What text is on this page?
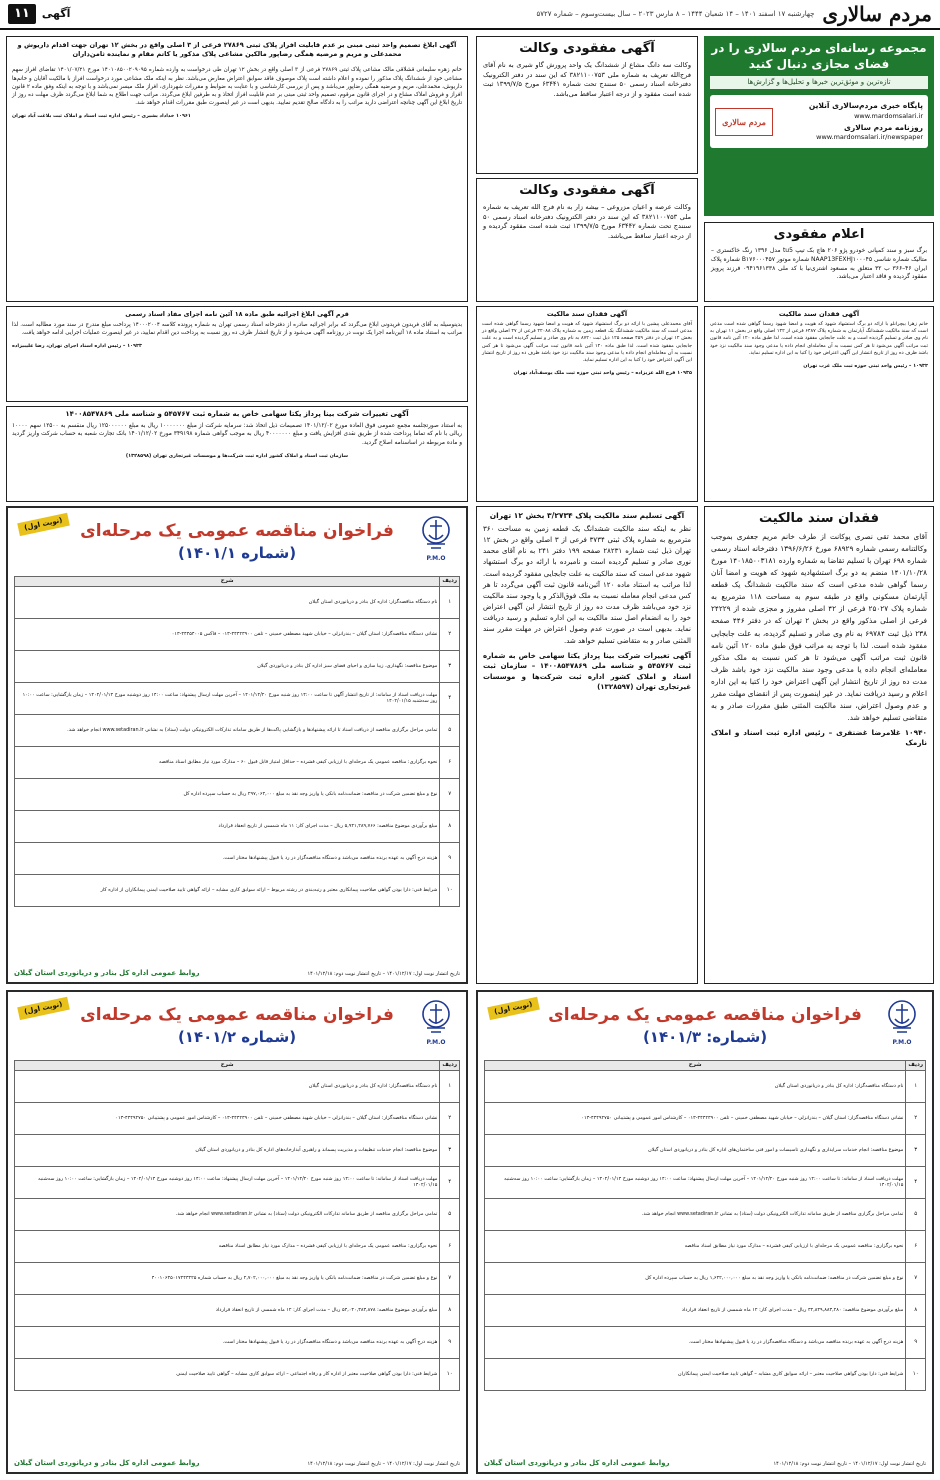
مردم سالاری
چهارشنبه ۱۷ اسفند ۱۴۰۱ – ۱۴ شعبان ۱۴۴۴ – ۸ مارس ۲۰۲۳ – سال بیست‌وسوم – شماره ۵۷۲۷
آگهی
۱۱
مجموعه رسانه‌ای مردم سالاری را در فضای مجازی دنبال کنید
تازه‌ترین و موثق‌ترین خبرها و تحلیل‌ها و گزارش‌ها
پایگاه خبری مردم‌سالاری آنلاین
www.mardomsalari.ir
روزنامه مردم سالاری
www.mardomsalari.ir/newspaper
مردم سالاری
آگهی مفقودی وکالت
وکالت سه دانگ مشاع از ششدانگ یک واحد پرورش گاو شیری به نام آقای فرج‌الله تعریف به شماره ملی ۳۸۲۱۱۰۰۷۵۳ که این سند در دفتر الکترونیک دفترخانه اسناد رسمی ۵۰ سنندج تحت شماره ۶۳۴۴۱ مورخ ۱۳۹۹/۷/۵ ثبت شده است مفقود و از درجه اعتبار ساقط می‌باشد.
آگهی مفقودی وکالت
وکالت عرصه و اعیان مزروعی – بیشه زار به نام فرج الله تعریف به شماره ملی ۳۸۲۱۱۰۰۷۵۳ که این سند در دفتر الکترونیک دفترخانه اسناد رسمی ۵۰ سنندج تحت شماره ۶۳۴۴۲ مورخ ۱۳۹۹/۷/۵ ثبت شده است مفقود گردیده و از درجه اعتبار ساقط می‌باشد.	اعلام مفقودی
برگ سبز و سند کمپانی خودرو پژو ۲۰۶ هاچ بک تیپ tu5 مدل ۱۳۹۶ رنگ خاکستری – متالیک شماره شاسی NAAP13FEXHJ۱۰۰۰۴۵ شماره موتور B۱۷۶۰۰۰۴۵۷ شماره پلاک ایران ۴۶–۳۶۶ ب ۳۲ متعلق به مسعود اشتری‌نیا با کد ملی ۰۹۴۱۹۶۱۳۳۸ فرزند پرویز مفقود گردیده و فاقد اعتبار می‌باشد.
آگهی ابلاغ تصمیم واحد ثبتی مبنی بر عدم قابلیت افراز پلاک ثبتی ۲۷۸۶۹ فرعی از ۳ اصلی واقع در بخش ۱۲ تهران جهت اقدام داریوش و محمدعلی و مریم و مرضیه همگی رضاپور مالکین مشاعی پلاک مذکور یا کاتم مقام و نماینده ثامن‌داران
خانم زهره سلیمانی قشلاقی مالک مشاعی پلاک ثبتی ۲۷۸۶۹ فرعی از ۳ اصلی واقع در بخش ۱۲ تهران طی درخواست به وارده شماره ۱۴۰۱۰۸۵۰۰۲۰۹۰۹۵ مورخ ۱۴۰۱/۰۷/۲۱ تقاضای افراز سهم مشاعی خود از ششدانگ پلاک مذکور را نموده و اعلام داشته است پلاک موصوف فاقد سوابق اعتراض معارض می‌باشد. نظر به اینکه ملک مشاعی مورد درخواست افراز با مالکیت آقایان و خانم‌ها داریوش، محمدعلی، مریم و مرضیه همگی رضاپور می‌باشد و پس از بررسی کارشناسی و با عنایت به ضوابط و مقررات شهرداری، افراز ملک میسر نمی‌باشد و با توجه به اینکه وفق ماده ۲ قانون افراز و فروش املاک مشاع و در اجرای قانون مرقوم، تصمیم واحد ثبتی مبنی بر عدم قابلیت افراز اتخاذ و به طرفین ابلاغ می‌گردد. مراتب جهت اطلاع به شما ابلاغ می‌گردد ظرف مهلت ده روز از تاریخ ابلاغ این آگهی چنانچه اعتراضی دارید مراتب را به دادگاه صالح تقدیم نمایید. بدیهی است در غیر اینصورت طبق مقررات اقدام خواهد شد.
۱۰۹۶۱ خداداد بشیری – رئیس اداره ثبت اسناد و املاک ثبت بلاغت آباد تهران
قرم آگهی ابلاغ اجرائیه طبق ماده ۱۸ آئین نامه اجرای مفاد اسناد رسمی
بدینوسیله به آقای فریدون فریدونی ابلاغ می‌گردد که برابر اجرائیه صادره از دفترخانه اسناد رسمی تهران به شماره پرونده کلاسه ۱۴۰۰۰۲۰۰۴ پرداخت مبلغ مندرج در سند مورد مطالبه است. لذا مراتب به استناد ماده ۱۸ آئین‌نامه اجرا یک نوبت در روزنامه آگهی می‌شود و از تاریخ انتشار ظرف ده روز نسبت به پرداخت دین اقدام نمایید، در غیر اینصورت عملیات اجرایی ادامه خواهد یافت.
۱۰۹۴۳ – رئیس اداره اسناد اجرای تهران، رضا علیبیزاده
آگهی تغییرات شرکت بینا پرداز یکتا سهامی خاص به شماره ثبت ۵۴۵۷۶۷ و شناسه ملی ۱۴۰۰۸۵۴۷۸۶۹
به استناد صورتجلسه مجمع عمومی فوق العاده مورخ ۱۴۰۱/۱۲/۰۲ تصمیمات ذیل اتخاذ شد: سرمایه شرکت از مبلغ ۱۰۰۰۰۰۰۰ ریال به مبلغ ۱۲۵۰۰۰۰۰۰ ریال منقسم به ۱۲۵۰۰ سهم ۱۰۰۰۰ ریالی با نام که تماما پرداخت شده از طریق نقدی افزایش یافت و مبلغ ۴۰۰۰۰۰۰۰ ریال به موجب گواهی شماره ۳۴۹۱۹۸ مورخ ۱۴۰۱/۱۲/۰۲ بانک تجارت شعبه به حساب شرکت واریز گردید و ماده مربوطه در اساسنامه اصلاح گردید.
سازمان ثبت اسناد و املاک کشور اداره ثبت شرکت‌ها و موسسات غیرتجاری تهران (۱۳۲۸۵۹۸)
آگهی فقدان سند مالکیت
آقای محمدعلی پیشین با ارائه دو برگ استشهاد شهود که هویت و امضا شهود رسما گواهی شده است مدعی است که سند مالکیت ششدانگ یک قطعه زمین به شماره پلاک ۲۲۰۸۸ فرعی از ۲۷ اصلی واقع در بخش ۱۲ تهران در دفتر ۴۵۹ صفحه ۱۲۵ ذیل ثبت ۸۷۲۰ به نام وی صادر و تسلیم گردیده است و به علت جابجایی مفقود شده است. لذا طبق ماده ۱۲۰ آئین نامه قانون ثبت مراتب آگهی می‌شود تا هر کس نسبت به آن معامله‌ای انجام داده یا مدعی وجود سند مالکیت نزد خود باشد ظرف ده روز از تاریخ انتشار این آگهی اعتراض خود را کتبا به این اداره تسلیم نماید.
۱۰۹۳۵ فرج الله عزیزاده – رئیس واحد ثبتی حوزه ثبت ملک یوسف‌آباد تهران
آگهی فقدان سند مالکیت
خانم زهرا بیچرانلو با ارائه دو برگ استشهاد شهود که هویت و امضا شهود رسما گواهی شده است مدعی است که سند مالکیت ششدانگ آپارتمان به شماره پلاک ۶۴۸۷ فرعی از ۱۲۲ اصلی واقع در بخش ۱۱ تهران به نام وی صادر و تسلیم گردیده است و به علت جابجایی مفقود شده است. لذا طبق ماده ۱۲۰ آئین نامه قانون ثبت مراتب آگهی می‌شود تا هر کس نسبت به آن معامله‌ای انجام داده یا مدعی وجود سند مالکیت نزد خود باشد ظرف ده روز از تاریخ انتشار این آگهی اعتراض خود را کتبا به این اداره تسلیم نماید.
۱۰۹۳۴ – رئیس واحد ثبتی حوزه ثبت ملک غرب تهران
(نوبت اول)	فراخوان مناقصه عمومی یک مرحله‌ای
(شماره ۱۴۰۱/۱)	P.M.O
ردیف	شرح
۱	نام دستگاه مناقصه‌گزار: اداره کل بنادر و دریانوردی استان گیلان
۲	نشانی دستگاه مناقصه‌گزار: استان گیلان – بندرانزلی – خیابان شهید مصطفی خمینی – تلفن ۴۴۴۲۳۹۰۰-۰۱۳ – فاکس ۴۴۴۵۴۰۰۵-۰۱۳
۳	موضوع مناقصه: نگهداری، زیبا سازی و احیای فضای سبز اداره کل بنادر و دریانوردی گیلان
۴	مهلت دریافت اسناد از سامانه: از تاریخ انتشار آگهی تا ساعت ۱۴:۰۰ روز شنبه مورخ ۱۴۰۱/۱۲/۲۰ – آخرین مهلت ارسال پیشنهاد: ساعت ۱۴:۰۰ روز دوشنبه مورخ ۱۴۰۲/۰۱/۱۴ – زمان بازگشایی: ساعت ۱۰:۰۰ روز سه‌شنبه ۱۴۰۲/۰۱/۱۵
۵	تمامی مراحل برگزاری مناقصه از دریافت اسناد تا ارائه پیشنهادها و بازگشایی پاکت‌ها از طریق سامانه تدارکات الکترونیکی دولت (ستاد) به نشانی www.setadiran.ir انجام خواهد شد.
۶	نحوه برگزاری: مناقصه عمومی یک مرحله‌ای با ارزیابی کیفی فشرده – حداقل امتیاز قابل قبول ۶۰ – مدارک مورد نیاز مطابق اسناد مناقصه
۷	نوع و مبلغ تضمین شرکت در مناقصه: ضمانت‌نامه بانکی یا واریز وجه نقد به مبلغ ۲۹۷,۰۶۴,۰۰۰ ریال به حساب سپرده اداره کل
۸	مبلغ برآوردی موضوع مناقصه: ۵,۹۴۱,۲۸۹,۷۶۶ ریال – مدت اجرای کار: ۱۱ ماه شمسی از تاریخ انعقاد قرارداد
۹	هزینه درج آگهی به عهده برنده مناقصه می‌باشد و دستگاه مناقصه‌گزار در رد یا قبول پیشنهادها مختار است.
۱۰	شرایط فنی: دارا بودن گواهی صلاحیت پیمانکاری معتبر و رتبه‌بندی در رشته مربوط – ارائه سوابق کاری مشابه – ارائه گواهی تایید صلاحیت ایمنی پیمانکاران از اداره کار
تاریخ انتشار نوبت اول: ۱۴۰۱/۱۲/۱۷ – تاریخ انتشار نوبت دوم: ۱۴۰۱/۱۲/۱۸
روابط عمومی اداره کل بنادر و دریانوردی استان گیلان
آگهی تسلیم سند مالکیت پلاک ۳/۲۷۳۴ بخش ۱۲ تهران
نظر به اینکه سند مالکیت ششدانگ یک قطعه زمین به مساحت ۳۶۰ مترمربع به شماره پلاک ثبتی ۳۷۳۴ فرعی از ۳ اصلی واقع در بخش ۱۲ تهران ذیل ثبت شماره ۲۸۲۳۱ صفحه ۱۹۹ دفتر ۲۴۱ به نام آقای محمد نوری صادر و تسلیم گردیده است و نامبرده با ارائه دو برگ استشهاد شهود مدعی است که سند مالکیت به علت جابجایی مفقود گردیده است. لذا مراتب به استناد ماده ۱۲۰ آئین‌نامه قانون ثبت آگهی می‌گردد تا هر کس مدعی انجام معامله نسبت به ملک فوق‌الذکر و یا وجود سند مالکیت نزد خود می‌باشد ظرف مدت ده روز از تاریخ انتشار این آگهی اعتراض خود را به انضمام اصل سند مالکیت به این اداره تسلیم و رسید دریافت نماید. بدیهی است در صورت عدم وصول اعتراض در مهلت مقرر سند المثنی صادر و به متقاضی تسلیم خواهد شد.
آگهی تغییرات شرکت بینا پرداز یکتا سهامی خاص به شماره ثبت ۵۴۵۷۶۷ و شناسه ملی ۱۴۰۰۸۵۴۷۸۶۹ – سازمان ثبت اسناد و املاک کشور اداره ثبت شرکت‌ها و موسسات غیرتجاری تهران (۱۳۲۸۵۹۷)
فقدان سند مالکیت
آقای محمد تقی نصری یوکانت از طرف خانم مریم جعفری بموجب وکالتنامه رسمی شماره ۶۸۹۲۹ مورخ ۱۳۹۶/۶/۲۶ دفترخانه اسناد رسمی شماره ۶۹۸ تهران با تسلیم تقاضا به شماره وارده ۱۴۰۱۸۵۰۰۳۱۸۱ مورخ ۱۴۰۱/۱۰/۲۸ منضم به دو برگ استشهادیه شهود که هویت و امضا آنان رسما گواهی شده مدعی است که سند مالکیت ششدانگ یک قطعه آپارتمان مسکونی واقع در طبقه سوم به مساحت ۱۱۸ مترمربع به شماره پلاک ۲۵۰۲۷ فرعی از ۴۲ اصلی مفروز و مجزی شده از ۲۴۲۲۹ فرعی از اصلی مذکور واقع در بخش ۲ تهران که در دفتر ۴۴۶ صفحه ۲۳۸ ذیل ثبت ۶۹۷۸۴ به نام وی صادر و تسلیم گردیده، به علت جابجایی مفقود شده است. لذا با توجه به مراتب فوق طبق ماده ۱۲۰ آئین نامه قانون ثبت مراتب آگهی می‌شود تا هر کس نسبت به ملک مذکور معامله‌ای انجام داده یا مدعی وجود سند مالکیت نزد خود باشد ظرف مدت ده روز از تاریخ انتشار این آگهی اعتراض خود را کتبا به این اداره اعلام و رسید دریافت نماید. در غیر اینصورت پس از انقضای مهلت مقرر و عدم وصول اعتراض، سند مالکیت المثنی طبق مقررات صادر و به متقاضی تسلیم خواهد شد.
۱۰۹۴۰ غلامرضا غضنفری – رئیس اداره ثبت اسناد و املاک نارمک
(نوبت اول)	فراخوان مناقصه عمومی یک مرحله‌ای
(شماره ۱۴۰۱/۲)	P.M.O
ردیف	شرح
۱	نام دستگاه مناقصه‌گزار: اداره کل بنادر و دریانوردی استان گیلان
۲	نشانی دستگاه مناقصه‌گزار: استان گیلان – بندرانزلی – خیابان شهید مصطفی خمینی – تلفن ۴۴۴۲۳۹۰۰-۰۱۳ – کارشناس امور عمومی و پشتیبانی ۴۴۴۹۲۷۵۰-۰۱۳
۳	موضوع مناقصه: انجام خدمات تنظیفات و مدیریت پسماند و راهبری آبدارخانه‌های اداره کل بنادر و دریانوردی استان گیلان
۴	مهلت دریافت اسناد از سامانه: تا ساعت ۱۴:۰۰ روز شنبه مورخ ۱۴۰۱/۱۲/۲۰ – آخرین مهلت ارسال پیشنهاد: ساعت ۱۴:۰۰ روز دوشنبه مورخ ۱۴۰۲/۰۱/۱۴ – زمان بازگشایی: ساعت ۱۰:۰۰ روز سه‌شنبه ۱۴۰۲/۰۱/۱۵
۵	تمامی مراحل برگزاری مناقصه از طریق سامانه تدارکات الکترونیکی دولت (ستاد) به نشانی www.setadiran.ir انجام خواهد شد.
۶	نحوه برگزاری: مناقصه عمومی یک مرحله‌ای با ارزیابی کیفی فشرده – مدارک مورد نیاز مطابق اسناد مناقصه
۷	نوع و مبلغ تضمین شرکت در مناقصه: ضمانت‌نامه بانکی یا واریز وجه نقد به مبلغ ۲,۷۰۲,۰۰۰,۰۰۰ ریال به حساب شماره ۴۰۰۱۰۶۴۵۰۱۷۲۴۳۲۲۵
۸	مبلغ برآوردی موضوع مناقصه: ۵۴,۰۴۰,۳۸۳,۸۷۸ ریال – مدت اجرای کار: ۱۲ ماه شمسی از تاریخ انعقاد قرارداد
۹	هزینه درج آگهی به عهده برنده مناقصه می‌باشد و دستگاه مناقصه‌گزار در رد یا قبول پیشنهادها مختار است.
۱۰	شرایط فنی: دارا بودن گواهی صلاحیت معتبر از اداره کار و رفاه اجتماعی – ارائه سوابق کاری مشابه – گواهی تایید صلاحیت ایمنی
تاریخ انتشار نوبت اول: ۱۴۰۱/۱۲/۱۷ – تاریخ انتشار نوبت دوم: ۱۴۰۱/۱۲/۱۸
روابط عمومی اداره کل بنادر و دریانوردی استان گیلان
(نوبت اول) فراخوان مناقصه عمومی یک مرحله‌ای
(شماره: ۱۴۰۱/۳)	P.M.O
ردیف	شرح
۱	نام دستگاه مناقصه‌گزار: اداره کل بنادر و دریانوردی استان گیلان
۲	نشانی دستگاه مناقصه‌گزار: استان گیلان – بندرانزلی – خیابان شهید مصطفی خمینی – تلفن ۴۴۴۲۳۹۰۰-۰۱۳ – کارشناس امور عمومی و پشتیبانی ۴۴۴۹۲۷۵۰-۰۱۳
۳	موضوع مناقصه: انجام خدمات سرایداری و نگهداری تاسیسات و امور فنی ساختمان‌های اداره کل بنادر و دریانوردی استان گیلان
۴	مهلت دریافت اسناد از سامانه: تا ساعت ۱۴:۰۰ روز شنبه مورخ ۱۴۰۱/۱۲/۲۰ – آخرین مهلت ارسال پیشنهاد: ساعت ۱۴:۰۰ روز دوشنبه مورخ ۱۴۰۲/۰۱/۱۴ – زمان بازگشایی: ساعت ۱۰:۰۰ روز سه‌شنبه ۱۴۰۲/۰۱/۱۵
۵	تمامی مراحل برگزاری مناقصه از طریق سامانه تدارکات الکترونیکی دولت (ستاد) به نشانی www.setadiran.ir انجام خواهد شد.
۶	نحوه برگزاری: مناقصه عمومی یک مرحله‌ای با ارزیابی کیفی فشرده – مدارک مورد نیاز مطابق اسناد مناقصه
۷	نوع و مبلغ تضمین شرکت در مناقصه: ضمانت‌نامه بانکی یا واریز وجه نقد به مبلغ ۱,۶۴۲,۰۰۰,۰۰۰ ریال به حساب سپرده اداره کل
۸	مبلغ برآوردی موضوع مناقصه: ۳۲,۸۴۹,۸۸۳,۲۸۰ ریال – مدت اجرای کار: ۱۲ ماه شمسی از تاریخ انعقاد قرارداد
۹	هزینه درج آگهی به عهده برنده مناقصه می‌باشد و دستگاه مناقصه‌گزار در رد یا قبول پیشنهادها مختار است.
۱۰	شرایط فنی: دارا بودن گواهی صلاحیت معتبر – ارائه سوابق کاری مشابه – گواهی تایید صلاحیت ایمنی پیمانکاران
تاریخ انتشار نوبت اول: ۱۴۰۱/۱۲/۱۷ – تاریخ انتشار نوبت دوم: ۱۴۰۱/۱۲/۱۸
روابط عمومی اداره کل بنادر و دریانوردی استان گیلان
